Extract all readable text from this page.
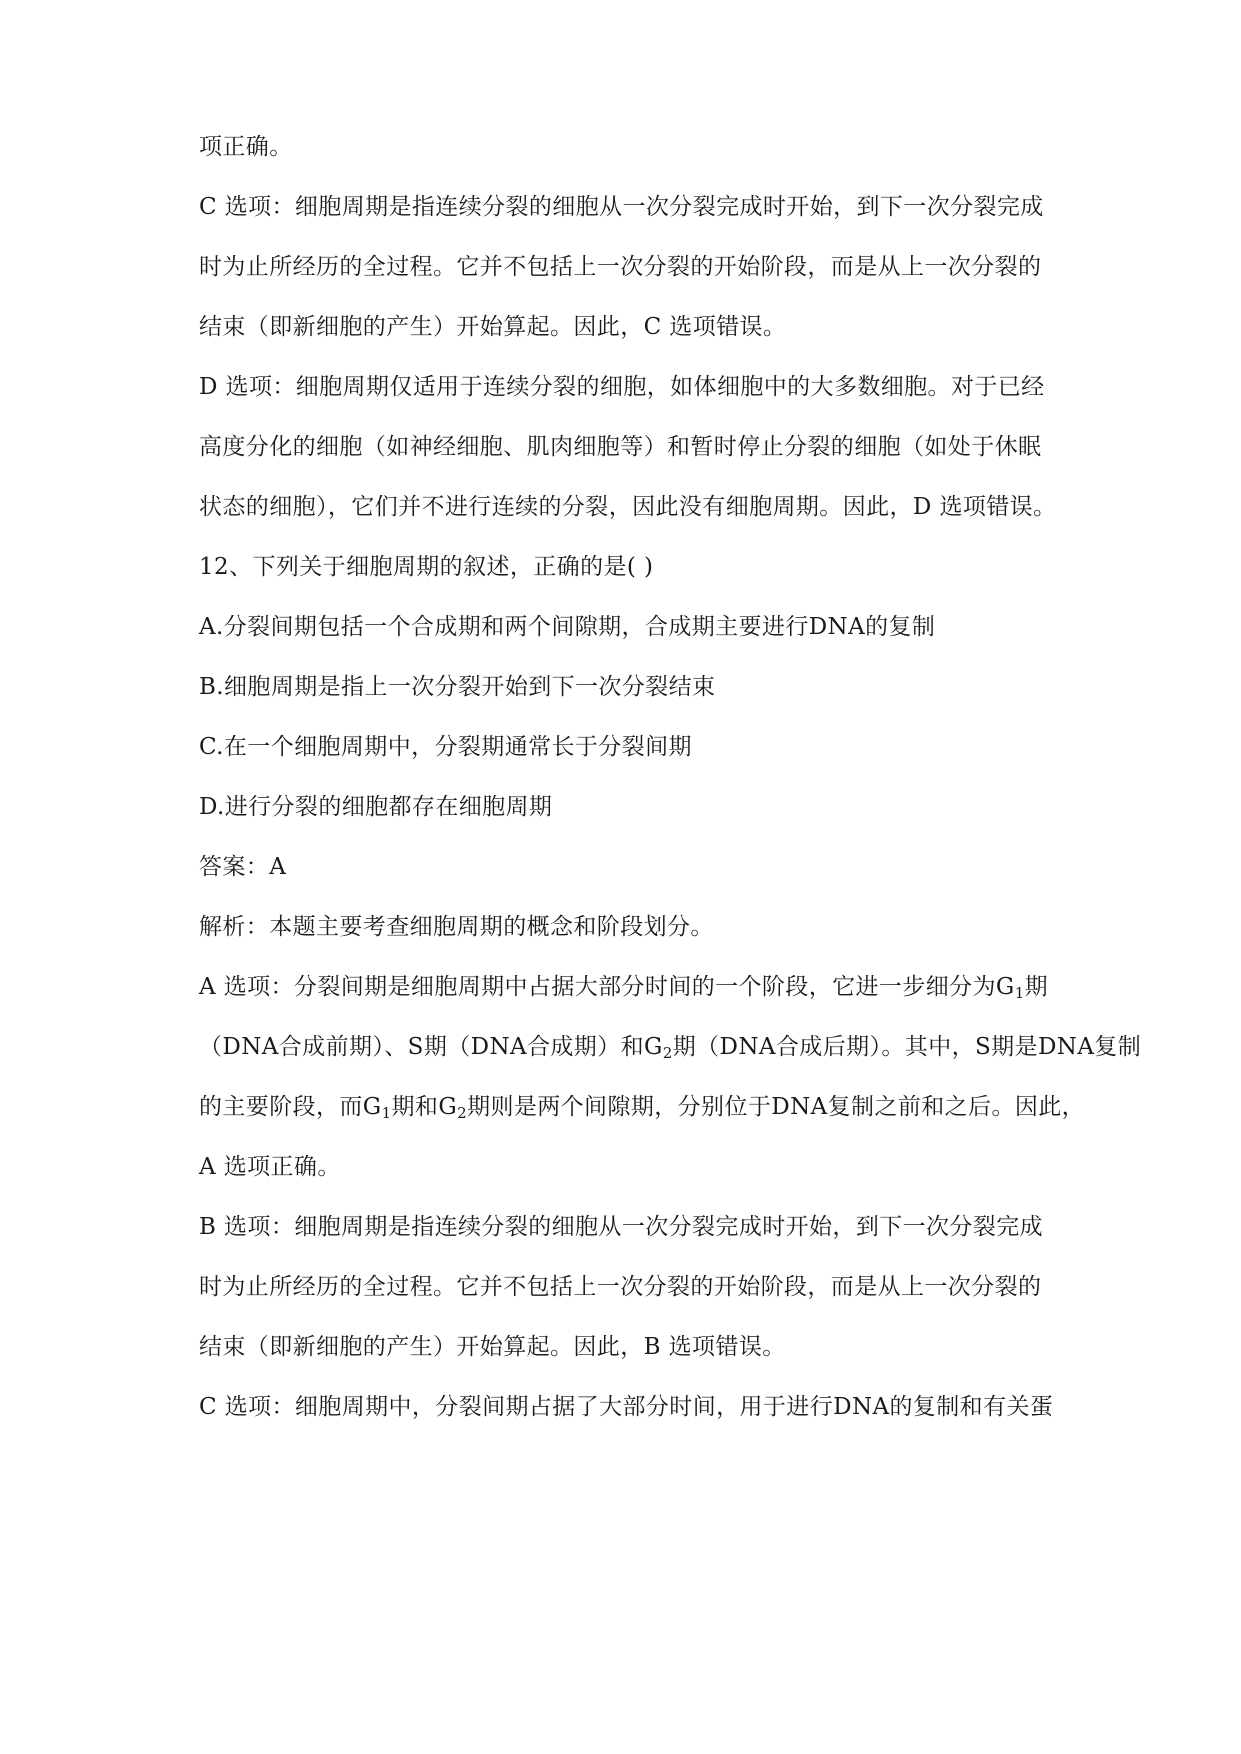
项正确。
C 选项：细胞周期是指连续分裂的细胞从一次分裂完成时开始，到下一次分裂完成
时为止所经历的全过程。它并不包括上一次分裂的开始阶段，而是从上一次分裂的
结束（即新细胞的产生）开始算起。因此，C 选项错误。
D 选项：细胞周期仅适用于连续分裂的细胞，如体细胞中的大多数细胞。对于已经
高度分化的细胞（如神经细胞、肌肉细胞等）和暂时停止分裂的细胞（如处于休眠
状态的细胞），它们并不进行连续的分裂，因此没有细胞周期。因此，D 选项错误。
12、下列关于细胞周期的叙述，正确的是( )
A.分裂间期包括一个合成期和两个间隙期，合成期主要进行DNA的复制
B.细胞周期是指上一次分裂开始到下一次分裂结束
C.在一个细胞周期中，分裂期通常长于分裂间期
D.进行分裂的细胞都存在细胞周期
答案：A
解析：本题主要考查细胞周期的概念和阶段划分。
A 选项：分裂间期是细胞周期中占据大部分时间的一个阶段，它进一步细分为$G_1$期
（DNA合成前期）、S期（DNA合成期）和$G_2$期（DNA合成后期）。其中，S期是DNA复制
的主要阶段，而$G_1$期和$G_2$期则是两个间隙期，分别位于DNA复制之前和之后。因此，
A 选项正确。
B 选项：细胞周期是指连续分裂的细胞从一次分裂完成时开始，到下一次分裂完成
时为止所经历的全过程。它并不包括上一次分裂的开始阶段，而是从上一次分裂的
结束（即新细胞的产生）开始算起。因此，B 选项错误。
C 选项：细胞周期中，分裂间期占据了大部分时间，用于进行DNA的复制和有关蛋
